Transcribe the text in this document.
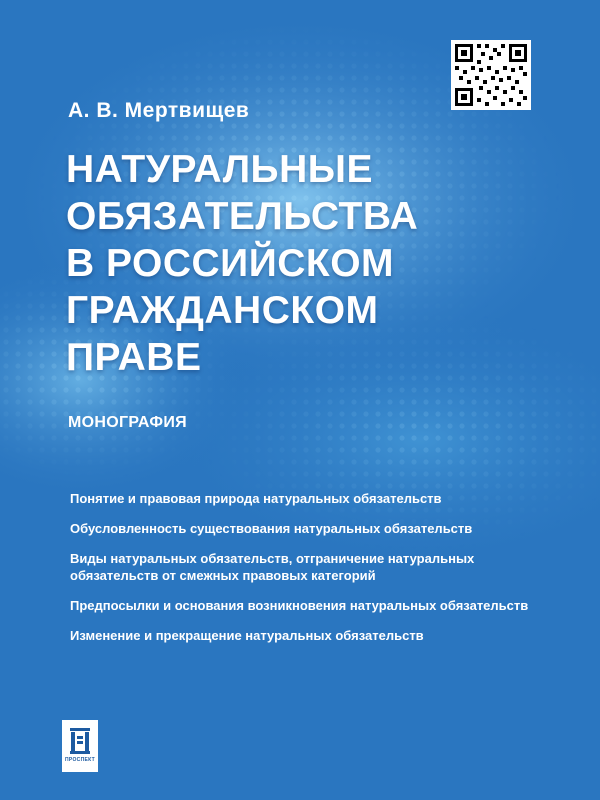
А. В. Мертвищев
НАТУРАЛЬНЫЕ
ОБЯЗАТЕЛЬСТВА
В РОССИЙСКОМ
ГРАЖДАНСКОМ
ПРАВЕ
МОНОГРАФИЯ
Понятие и правовая природа натуральных обязательств
Обусловленность существования натуральных обязательств
Виды натуральных обязательств, отграничение натуральных обязательств от смежных правовых категорий
Предпосылки и основания возникновения натуральных обязательств
Изменение и прекращение натуральных обязательств
ПРОСПЕКТ
